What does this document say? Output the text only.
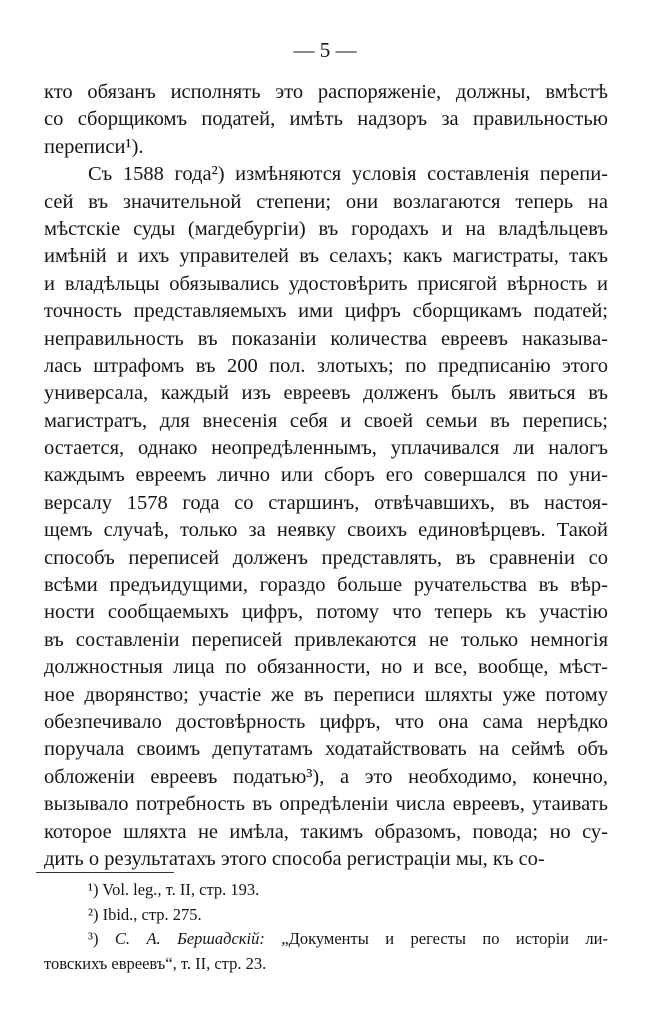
— 5 —
кто обязанъ исполнять это распоряженіе, должны, вмѣстѣ
со сборщикомъ податей, имѣть надзоръ за правильностью
переписи¹).
Съ 1588 года²) измѣняются условія составленія перепи-
сей въ значительной степени; они возлагаются теперь на
мѣстскіе суды (магдебургіи) въ городахъ и на владѣльцевъ
имѣній и ихъ управителей въ селахъ; какъ магистраты, такъ
и владѣльцы обязывались удостовѣрить присягой вѣрность и
точность представляемыхъ ими цифръ сборщикамъ податей;
неправильность въ показаніи количества евреевъ наказыва-
лась штрафомъ въ 200 пол. злотыхъ; по предписанію этого
универсала, каждый изъ евреевъ долженъ былъ явиться въ
магистратъ, для внесенія себя и своей семьи въ перепись;
остается, однако неопредѣленнымъ, уплачивался ли налогъ
каждымъ евреемъ лично или сборъ его совершался по уни-
версалу 1578 года со старшинъ, отвѣчавшихъ, въ настоя-
щемъ случаѣ, только за неявку своихъ единовѣрцевъ. Такой
способъ переписей долженъ представлять, въ сравненіи со
всѣми предъидущими, гораздо больше ручательства въ вѣр-
ности сообщаемыхъ цифръ, потому что теперь къ участію
въ составленіи переписей привлекаются не только немногія
должностныя лица по обязанности, но и все, вообще, мѣст-
ное дворянство; участіе же въ переписи шляхты уже потому
обезпечивало достовѣрность цифръ, что она сама нерѣдко
поручала своимъ депутатамъ ходатайствовать на сеймѣ объ
обложеніи евреевъ податью³), а это необходимо, конечно,
вызывало потребность въ опредѣленіи числа евреевъ, утаивать
которое шляхта не имѣла, такимъ образомъ, повода; но су-
дить о результатахъ этого способа регистраціи мы, къ со-
¹) Vol. leg., т. II, стр. 193.
²) Ibid., стр. 275.
³) С. А. Бершадскій: „Документы и регесты по исторіи ли-
товскихъ евреевъ“, т. II, стр. 23.
